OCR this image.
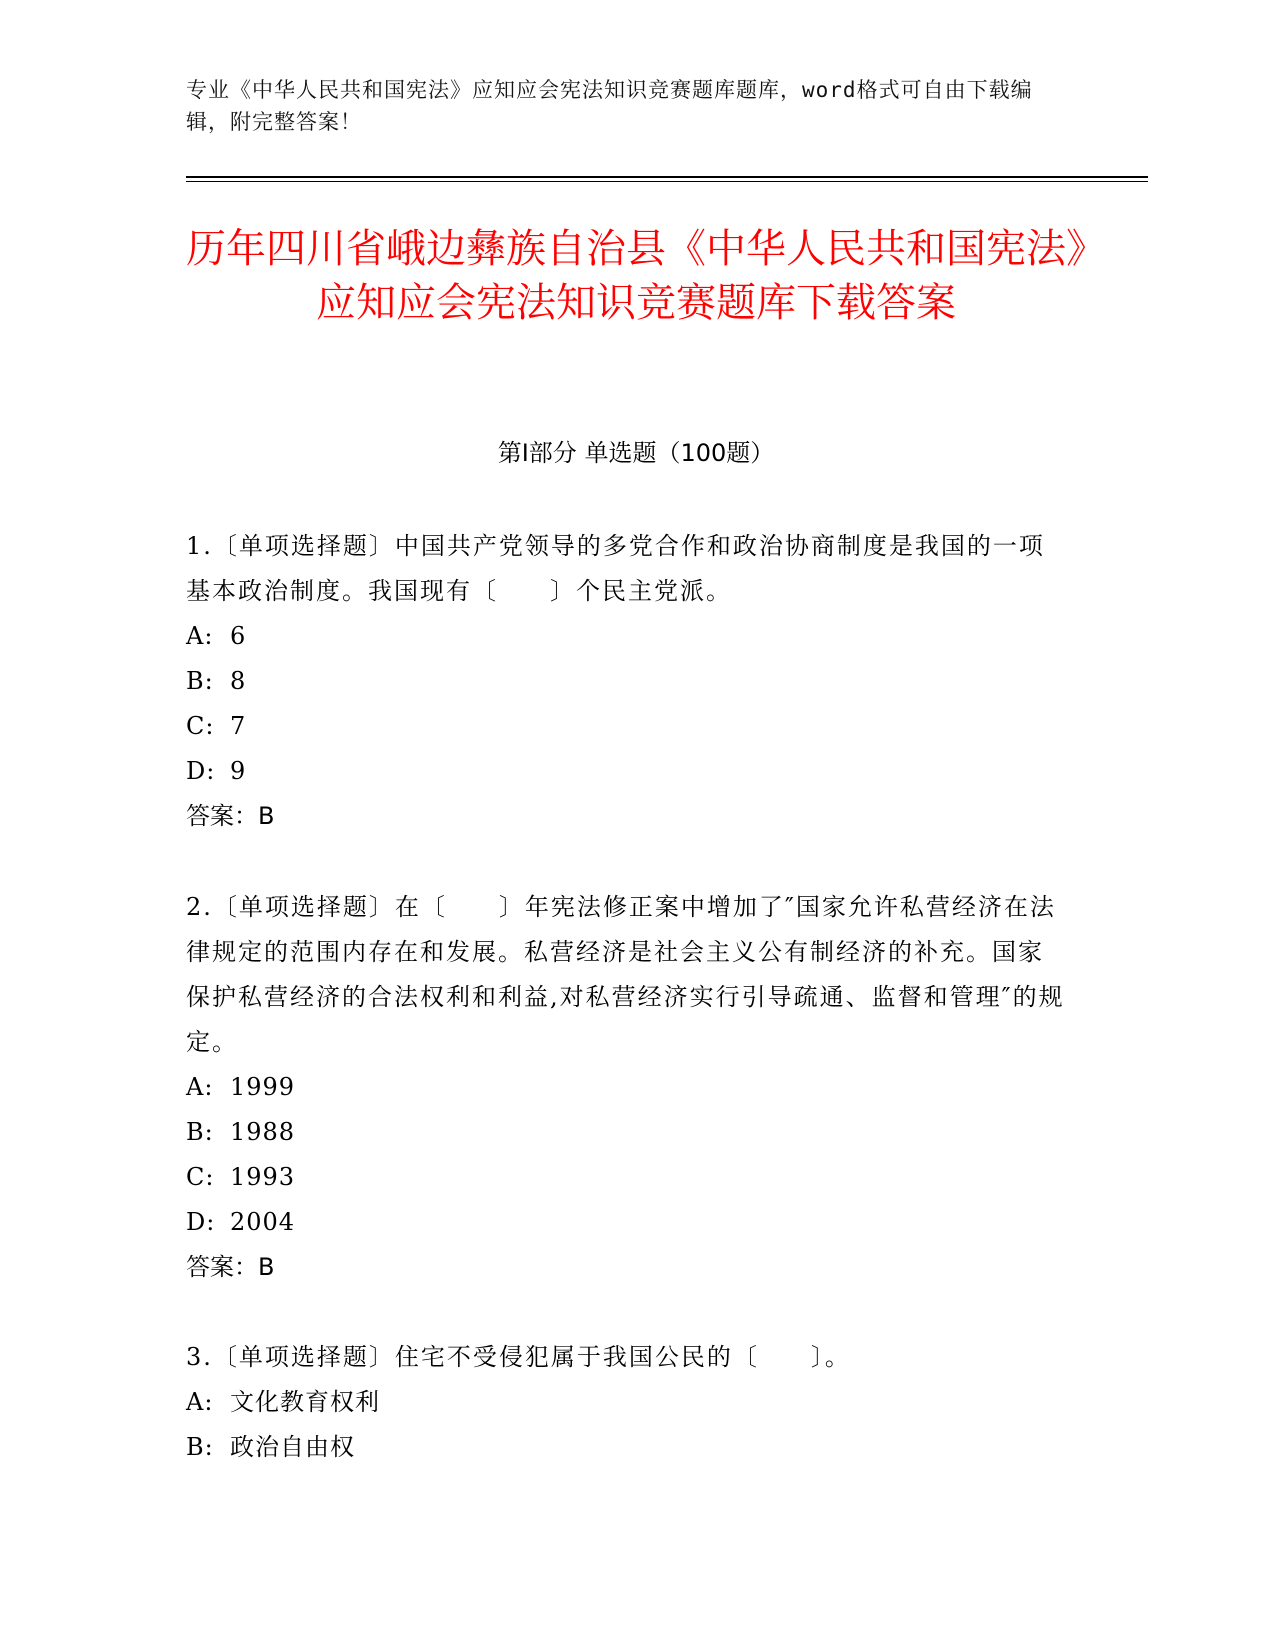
专业《中华人民共和国宪法》应知应会宪法知识竞赛题库题库，word格式可自由下载编辑，附完整答案！
历年四川省峨边彝族自治县《中华人民共和国宪法》应知应会宪法知识竞赛题库下载答案
第Ⅰ部分 单选题（100题）

1.〔单项选择题〕中国共产党领导的多党合作和政治协商制度是我国的一项基本政治制度。我国现有〔　　〕个民主党派。

A: 6
B: 8
C: 7
D: 9
答案：B

2.〔单项选择题〕在〔　　〕年宪法修正案中增加了″国家允许私营经济在法律规定的范围内存在和发展。私营经济是社会主义公有制经济的补充。国家保护私营经济的合法权利和利益,对私营经济实行引导疏通、监督和管理″的规定。

A: 1999
B: 1988
C: 1993
D: 2004
答案：B

3.〔单项选择题〕住宅不受侵犯属于我国公民的〔　　〕。

A: 文化教育权利
B: 政治自由权
